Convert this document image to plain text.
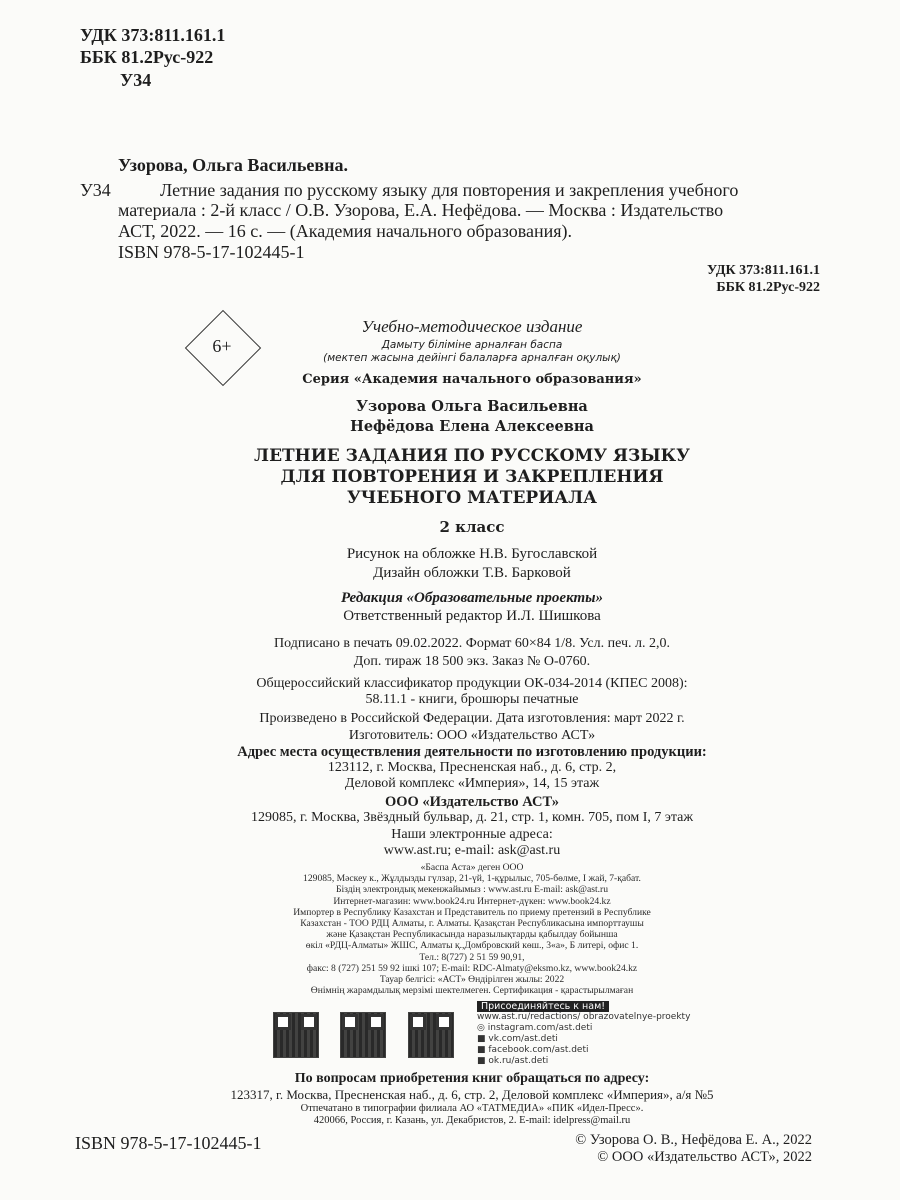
УДК 373:811.161.1
ББК 81.2Рус-922
У34
Узорова, Ольга Васильевна.
У34	Летние задания по русскому языку для повторения и закрепления учебного
материала : 2-й класс / О.В. Узорова, Е.А. Нефёдова. — Москва : Издательство
АСТ, 2022. — 16 с. — (Академия начального образования).
ISBN 978-5-17-102445-1
УДК 373:811.161.1
ББК 81.2Рус-922
6+
Учебно-методическое издание
Дамыту біліміне арналған баспа
(мектеп жасына дейінгі балаларға арналған оқулық)
Серия «Академия начального образования»
Узорова Ольга Васильевна
Нефёдова Елена Алексеевна
ЛЕТНИЕ ЗАДАНИЯ ПО РУССКОМУ ЯЗЫКУ
ДЛЯ ПОВТОРЕНИЯ И ЗАКРЕПЛЕНИЯ
УЧЕБНОГО МАТЕРИАЛА
2 класс
Рисунок на обложке Н.В. Бугославской
Дизайн обложки Т.В. Барковой
Редакция «Образовательные проекты»
Ответственный редактор И.Л. Шишкова
Подписано в печать 09.02.2022. Формат 60×84 1/8. Усл. печ. л. 2,0.
Доп. тираж 18 500 экз. Заказ № О-0760.
Общероссийский классификатор продукции ОК-034-2014 (КПЕС 2008):
58.11.1 - книги, брошюры печатные
Произведено в Российской Федерации. Дата изготовления: март 2022 г.
Изготовитель: ООО «Издательство АСТ»
Адрес места осуществления деятельности по изготовлению продукции:
123112, г. Москва, Пресненская наб., д. 6, стр. 2,
Деловой комплекс «Империя», 14, 15 этаж
ООО «Издательство АСТ»
129085, г. Москва, Звёздный бульвар, д. 21, стр. 1, комн. 705, пом I, 7 этаж
Наши электронные адреса:
www.ast.ru; e-mail: ask@ast.ru
«Баспа Аста» деген ООО
129085, Мәскеу к., Жұлдызды гүлзар, 21-үй, 1-құрылыс, 705-бөлме, I жай, 7-қабат.
Біздің электрондық мекенжайымыз : www.ast.ru E-mail: ask@ast.ru
Интернет-магазин: www.book24.ru Интернет-дүкен: www.book24.kz
Импортер в Республику Казахстан и Представитель по приему претензий в Республике
Казахстан - ТОО РДЦ Алматы, г. Алматы. Қазақстан Республикасына импорттаушы
және Қазақстан Республикасында наразылықтарды қабылдау бойынша
өкіл «РДЦ-Алматы» ЖШС, Алматы қ.,Домбровский көш., 3«а», Б литері, офис 1.
Тел.: 8(727) 2 51 59 90,91,
факс: 8 (727) 251 59 92 ішкі 107; E-mail: RDC-Almaty@eksmo.kz, www.book24.kz
Тауар белгісі: «АСТ» Өндірілген жылы: 2022
Өнімнің жарамдылық мерзімі шектелмеген. Сертификация - қарастырылмаған
Присоединяйтесь к нам!
www.ast.ru/redactions/ obrazovatelnye-proekty
◎ instagram.com/ast.deti
■ vk.com/ast.deti
■ facebook.com/ast.deti
■ ok.ru/ast.deti
По вопросам приобретения книг обращаться по адресу:
123317, г. Москва, Пресненская наб., д. 6, стр. 2, Деловой комплекс «Империя», а/я №5
Отпечатано в типографии филиала АО «ТАТМЕДИА» «ПИК «Идел-Пресс».
420066, Россия, г. Казань, ул. Декабристов, 2. E-mail: idelpress@mail.ru
ISBN 978-5-17-102445-1	© Узорова О. В., Нефёдова Е. А., 2022
© ООО «Издательство АСТ», 2022
